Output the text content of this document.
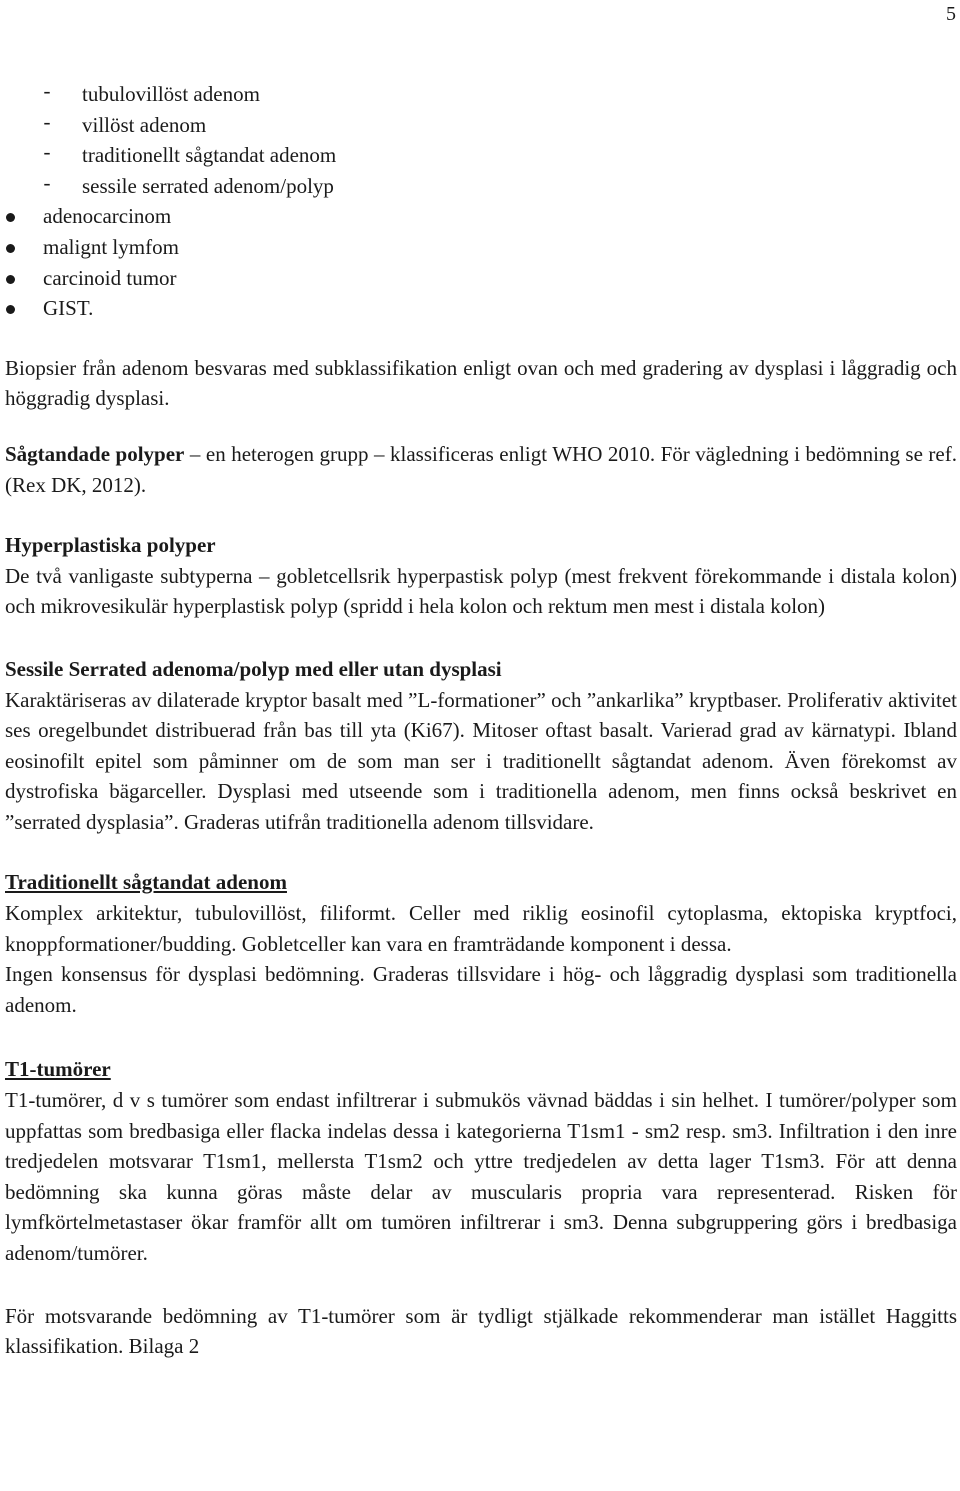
5
- tubulovillöst adenom
- villöst adenom
- traditionellt sågtandat adenom
- sessile serrated adenom/polyp
adenocarcinom
malignt lymfom
carcinoid tumor
GIST.

Biopsier från adenom besvaras med subklassifikation enligt ovan och med gradering av dysplasi i låggradig och höggradig dysplasi.

Sågtandade polyper – en heterogen grupp – klassificeras enligt WHO 2010. För vägledning i bedömning se ref. (Rex DK, 2012).

Hyperplastiska polyper

De två vanligaste subtyperna – gobletcellsrik hyperpastisk polyp (mest frekvent förekommande i distala kolon) och mikrovesikulär hyperplastisk polyp (spridd i hela kolon och rektum men mest i distala kolon)

Sessile Serrated adenoma/polyp med eller utan dysplasi

Karaktäriseras av dilaterade kryptor basalt med ”L-formationer” och ”ankarlika” kryptbaser. Proliferativ aktivitet ses oregelbundet distribuerad från bas till yta (Ki67). Mitoser oftast basalt. Varierad grad av kärnatypi. Ibland eosinofilt epitel som påminner om de som man ser i traditionellt sågtandat adenom. Även förekomst av dystrofiska bägarceller. Dysplasi med utseende som i traditionella adenom, men finns också beskrivet en ”serrated dysplasia”. Graderas utifrån traditionella adenom tillsvidare.

Traditionellt sågtandat adenom

Komplex arkitektur, tubulovillöst, filiformt. Celler med riklig eosinofil cytoplasma, ektopiska kryptfoci, knoppformationer/budding. Gobletceller kan vara en framträdande komponent i dessa.

Ingen konsensus för dysplasi bedömning. Graderas tillsvidare i hög- och låggradig dysplasi som traditionella adenom.

T1-tumörer

T1-tumörer, d v s tumörer som endast infiltrerar i submukös vävnad bäddas i sin helhet. I tumörer/polyper som uppfattas som bredbasiga eller flacka indelas dessa i kategorierna T1sm1 - sm2 resp. sm3. Infiltration i den inre tredjedelen motsvarar T1sm1, mellersta T1sm2 och yttre tredjedelen av detta lager T1sm3. För att denna bedömning ska kunna göras måste delar av muscularis propria vara representerad. Risken för lymfkörtelmetastaser ökar framför allt om tumören infiltrerar i sm3. Denna subgruppering görs i bredbasiga adenom/tumörer.

För motsvarande bedömning av T1-tumörer som är tydligt stjälkade rekommenderar man istället Haggitts klassifikation. Bilaga 2
